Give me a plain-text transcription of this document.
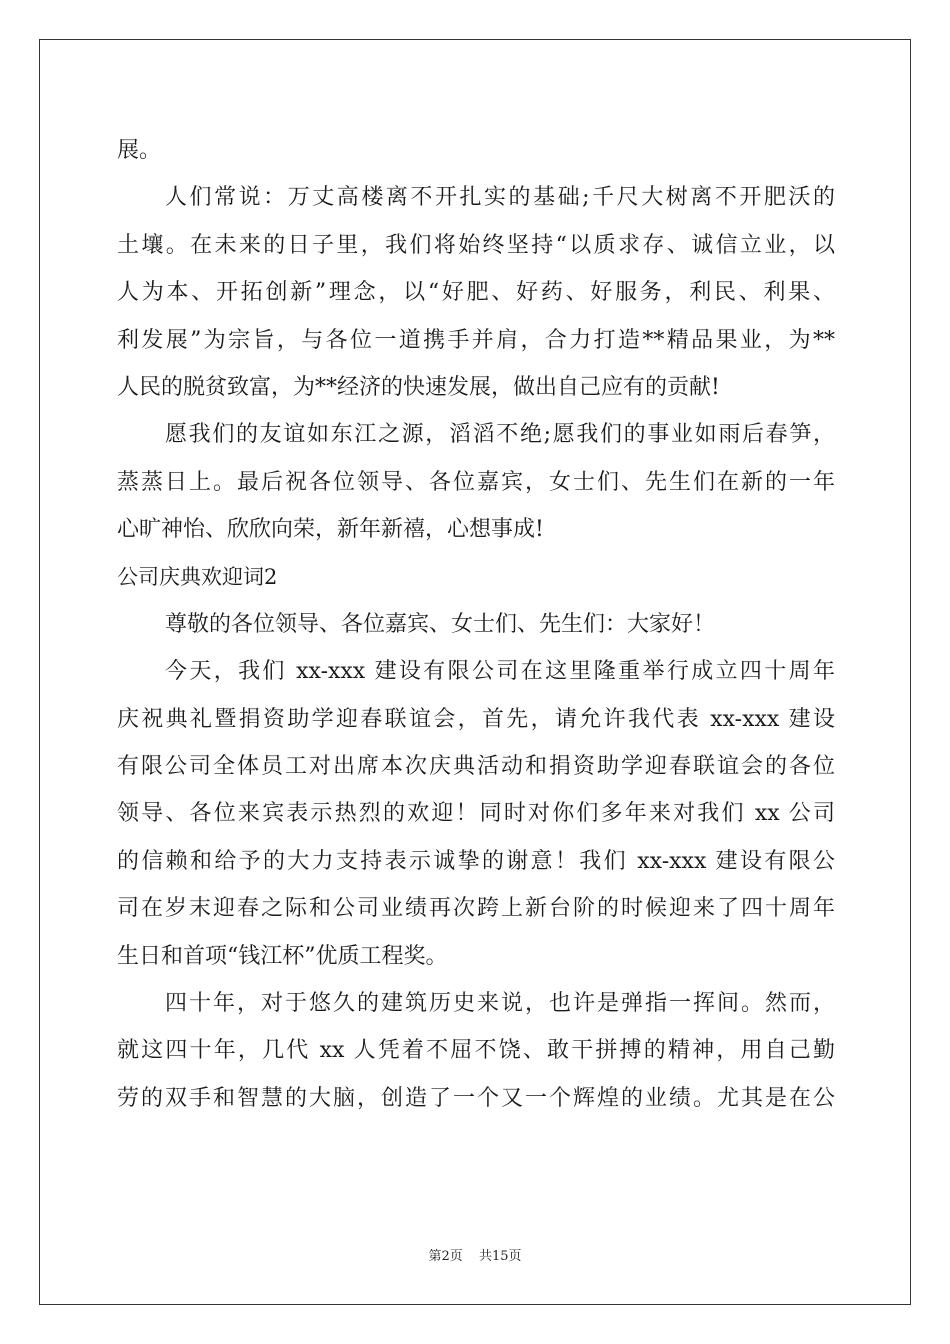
展。
人们常说：万丈高楼离不开扎实的基础;千尺大树离不开肥沃的
土壤。在未来的日子里，我们将始终坚持“以质求存、诚信立业，以
人为本、开拓创新”理念，以“好肥、好药、好服务，利民、利果、
利发展”为宗旨，与各位一道携手并肩，合力打造**精品果业，为**
人民的脱贫致富，为**经济的快速发展，做出自己应有的贡献!
愿我们的友谊如东江之源，滔滔不绝;愿我们的事业如雨后春笋，
蒸蒸日上。最后祝各位领导、各位嘉宾，女士们、先生们在新的一年
心旷神怡、欣欣向荣，新年新禧，心想事成!
公司庆典欢迎词2
尊敬的各位领导、各位嘉宾、女士们、先生们：大家好！
今天，我们 xx-xxx 建设有限公司在这里隆重举行成立四十周年
庆祝典礼暨捐资助学迎春联谊会，首先，请允许我代表 xx-xxx 建设
有限公司全体员工对出席本次庆典活动和捐资助学迎春联谊会的各位
领导、各位来宾表示热烈的欢迎！同时对你们多年来对我们 xx 公司
的信赖和给予的大力支持表示诚挚的谢意！我们 xx-xxx 建设有限公
司在岁末迎春之际和公司业绩再次跨上新台阶的时候迎来了四十周年
生日和首项“钱江杯”优质工程奖。
四十年，对于悠久的建筑历史来说，也许是弹指一挥间。然而，
就这四十年，几代 xx 人凭着不屈不饶、敢干拼搏的精神，用自己勤
劳的双手和智慧的大脑，创造了一个又一个辉煌的业绩。尤其是在公
第2页 共15页
